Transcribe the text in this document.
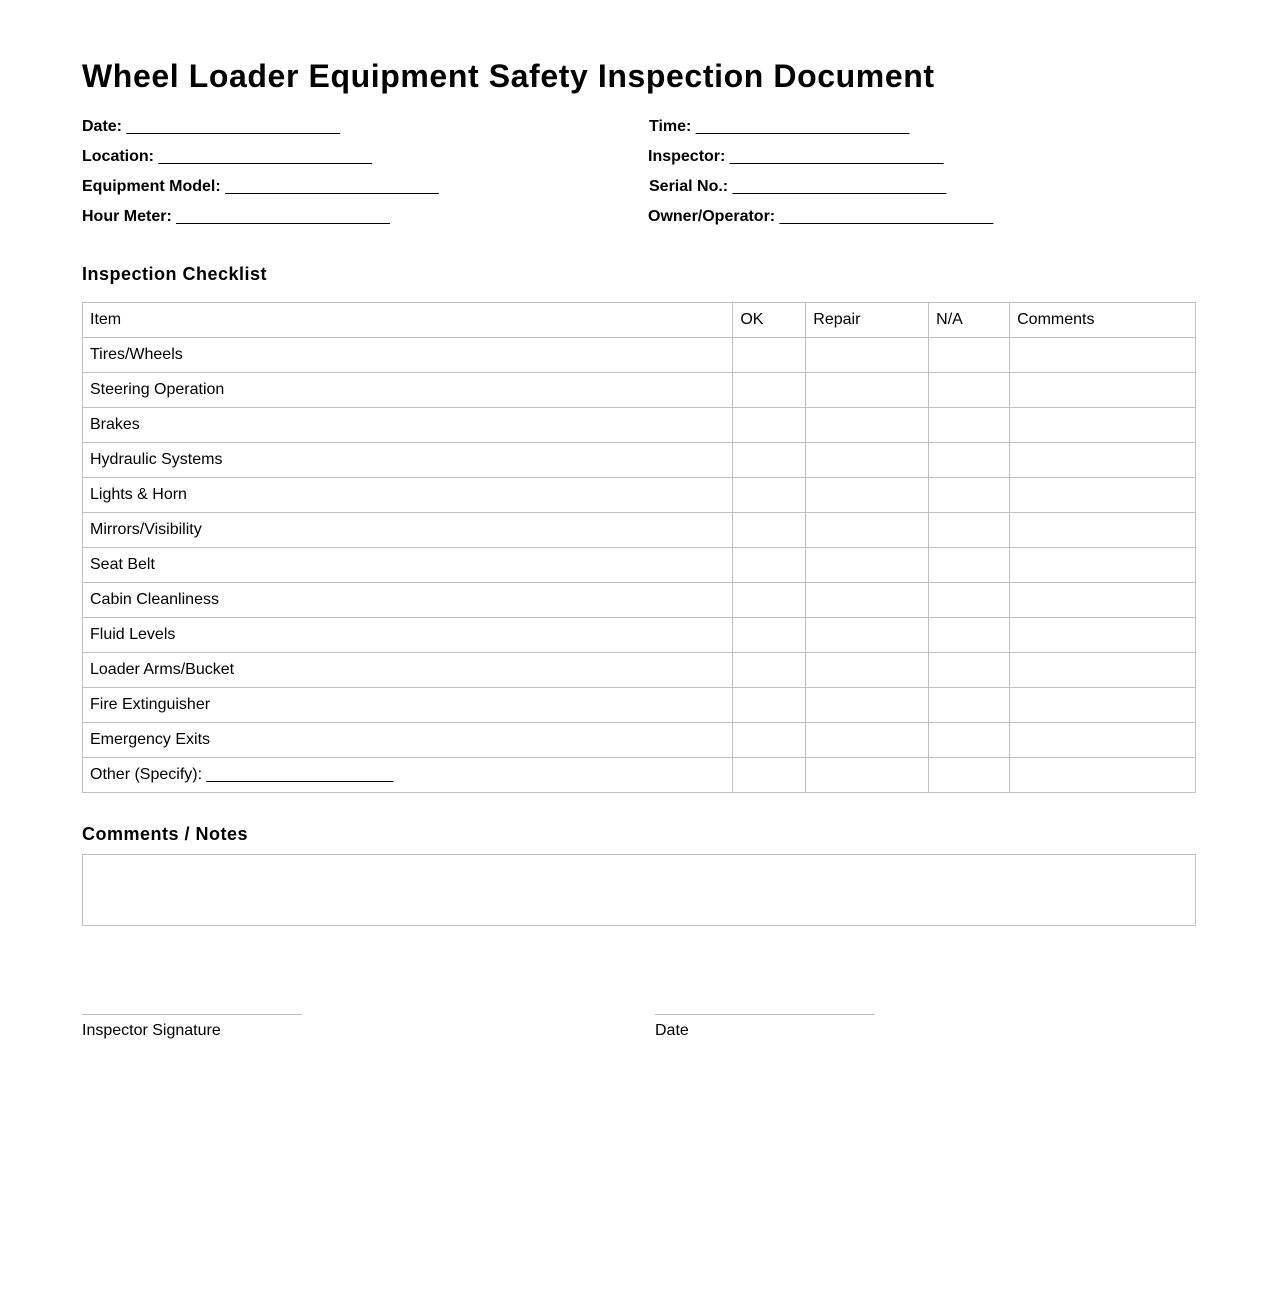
Wheel Loader Equipment Safety Inspection Document
Date: ________________________
Location: ________________________
Equipment Model: ________________________
Hour Meter: ________________________
Time: ________________________
Inspector: ________________________
Serial No.: ________________________
Owner/Operator: ________________________
Inspection Checklist
Item	OK	Repair	N/A	Comments
Tires/Wheels				
Steering Operation				
Brakes				
Hydraulic Systems				
Lights & Horn				
Mirrors/Visibility				
Seat Belt				
Cabin Cleanliness				
Fluid Levels				
Loader Arms/Bucket				
Fire Extinguisher				
Emergency Exits				
Other (Specify): _____________________				
Comments / Notes
Inspector Signature	Date
